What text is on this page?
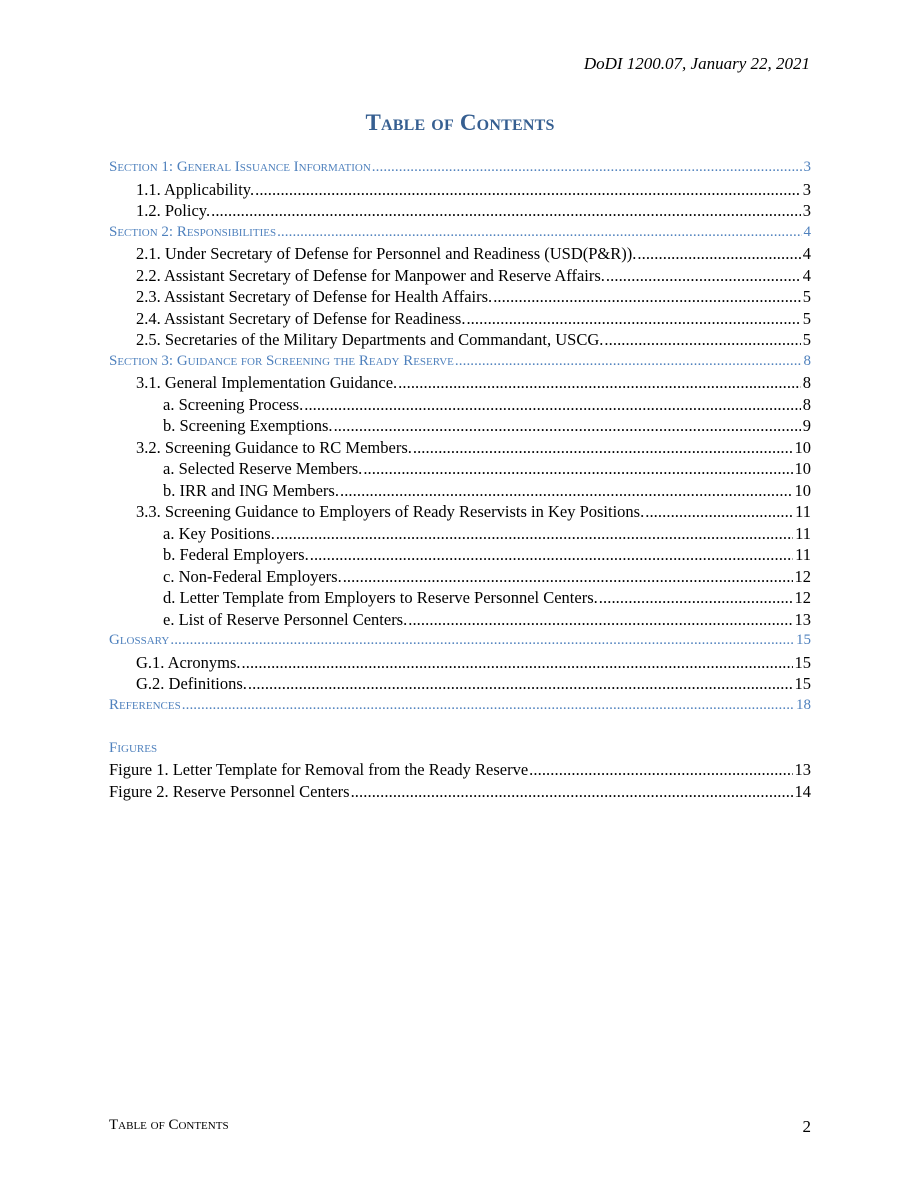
DoDI 1200.07, January 22, 2021
Table of Contents
Section 1: General Issuance Information .....	3
1.1. Applicability. .....	3
1.2. Policy. .....	3
Section 2: Responsibilities .....	4
2.1. Under Secretary of Defense for Personnel and Readiness (USD(P&R)). .....	4
2.2. Assistant Secretary of Defense for Manpower and Reserve Affairs. .....	4
2.3. Assistant Secretary of Defense for Health Affairs. .....	5
2.4. Assistant Secretary of Defense for Readiness. .....	5
2.5. Secretaries of the Military Departments and Commandant, USCG. .....	5
Section 3: Guidance for Screening the Ready Reserve .....	8
3.1. General Implementation Guidance. .....	8
a. Screening Process. .....	8
b. Screening Exemptions. .....	9
3.2. Screening Guidance to RC Members. .....	10
a. Selected Reserve Members. .....	10
b. IRR and ING Members. .....	10
3.3. Screening Guidance to Employers of Ready Reservists in Key Positions. .....	11
a. Key Positions. .....	11
b. Federal Employers. .....	11
c. Non-Federal Employers. .....	12
d. Letter Template from Employers to Reserve Personnel Centers. .....	12
e. List of Reserve Personnel Centers. .....	13
Glossary .....	15
G.1. Acronyms. .....	15
G.2. Definitions. .....	15
References .....	18
Figures
Figure 1. Letter Template for Removal from the Ready Reserve .....	13
Figure 2. Reserve Personnel Centers .....	14
Table of Contents	2
